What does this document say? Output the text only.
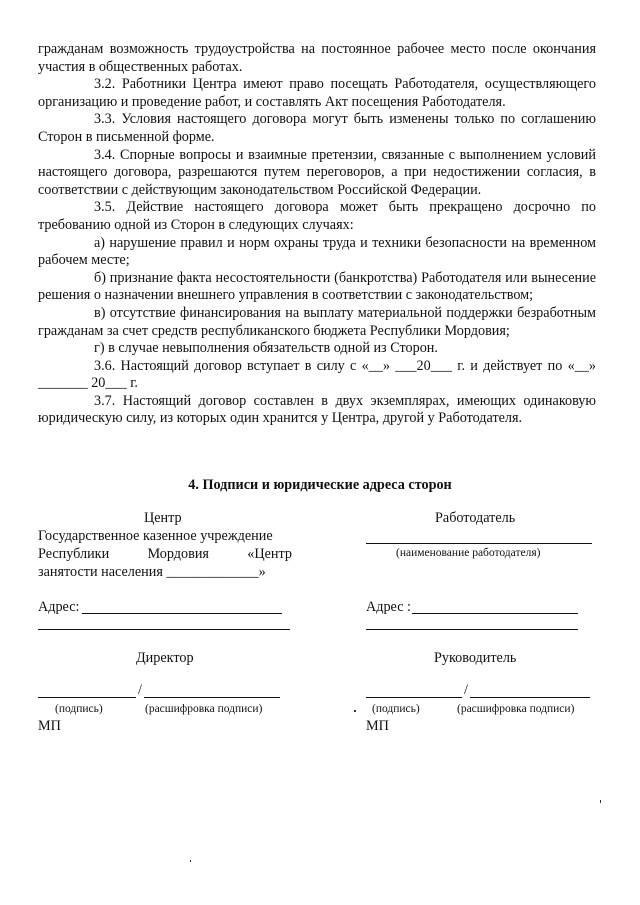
гражданам возможность трудоустройства на постоянное рабочее место после окончания участия в общественных работах.

3.2. Работники Центра имеют право посещать Работодателя, осуществляющего организацию и проведение работ, и составлять Акт посещения Работодателя.

3.3. Условия настоящего договора могут быть изменены только по соглашению Сторон в письменной форме.

3.4. Спорные вопросы и взаимные претензии, связанные с выполнением условий настоящего договора, разрешаются путем переговоров, а при недостижении согласия, в соответствии с действующим законодательством Российской Федерации.

3.5. Действие настоящего договора может быть прекращено досрочно по требованию одной из Сторон в следующих случаях:

а) нарушение правил и норм охраны труда и техники безопасности на временном рабочем месте;

б) признание факта несостоятельности (банкротства) Работодателя или вынесение решения о назначении внешнего управления в соответствии с законодательством;

в) отсутствие финансирования на выплату материальной поддержки безработным гражданам за счет средств республиканского бюджета Республики Мордовия;

г) в случае невыполнения обязательств одной из Сторон.

3.6. Настоящий договор вступает в силу с «__» ___20___ г. и действует по «__» _______ 20___ г.

3.7. Настоящий договор составлен в двух экземплярах, имеющих одинаковую юридическую силу, из которых один хранится у Центра, другой у Работодателя.

4. Подписи и юридические адреса сторон
Центр
Государственное казенное учреждение
Республики Мордовия «Центр
занятости населения _____________»
Адрес:
Директор
/
(подпись)	(расшифровка подписи)
МП
Работодатель
(наименование работодателя)
Адрес :
Руководитель
/
(подпись)	(расшифровка подписи)
МП
